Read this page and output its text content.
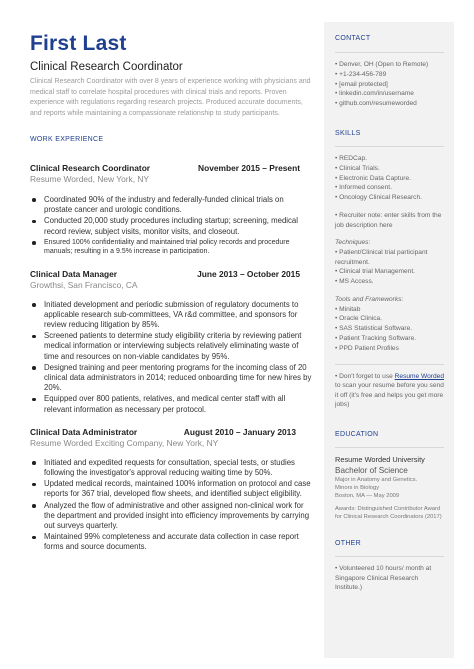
First Last
Clinical Research Coordinator
Clinical Research Coordinator with over 8 years of experience working with physicians and medical staff to correlate hospital procedures with clinical trials and reports. Proven experience with regulations regarding research projects. Produced accurate documents, and reports while maintaining a compassionate relationship to study participants.
WORK EXPERIENCE
Clinical Research Coordinator	November 2015 – Present
Resume Worded, New York, NY
Coordinated 90% of the industry and federally-funded clinical trials on prostate cancer and urologic conditions.
Conducted 20,000 study procedures including startup; screening, medical record review, subject visits, monitor visits, and closeout.
Ensured 100% confidentiality and maintained trial policy records and procedure manuals; resulting in a 9.5% increase in participation.
Clinical Data Manager	June 2013 – October 2015
Growthsi, San Francisco, CA
Initiated development and periodic submission of regulatory documents to applicable research sub-committees, VA r&d committee, and sponsors for review reducing litigation by 85%.
Screened patients to determine study eligibility criteria by reviewing patient medical information or interviewing subjects relatively eliminating waste of time and resources on non-viable candidates by 95%.
Designed training and peer mentoring programs for the incoming class of 20 clinical data administrators in 2014; reduced onboarding time for new hires by 20%.
Equipped over 800 patients, relatives, and medical center staff with all relevant information as necessary per protocol.
Clinical Data Administrator	August 2010 – January 2013
Resume Worded Exciting Company, New York, NY
Initiated and expedited requests for consultation, special tests, or studies following the investigator's approval reducing waiting time by 50%.
Updated medical records, maintained 100% information on protocol and case reports for 367 trial, developed flow sheets, and identified subject eligibility.
Analyzed the flow of administrative and other assigned non-clinical work for the department and provided insight into efficiency improvements by carrying out surveys quarterly.
Maintained 99% completeness and accurate data collection in case report forms and source documents.
CONTACT
• Denver, OH (Open to Remote)
• +1-234-456-789
• [email protected]
• linkedin.com/in/username
• github.com/resumeworded
SKILLS
• REDCap.
• Clinical Trials.
• Electronic Data Capture.
• Informed consent.
• Oncology Clinical Research.
• Recruiter note: enter skills from the job description here
Techniques:
• Patient/Clinical trial participant recruitment.
• Clinical trial Management.
• MS Access.
Tools and Frameworks:
• Minitab
• Oracle Clinica.
• SAS Statistical Software.
• Patient Tracking Software.
• PPD Patient Profiles
• Don't forget to use Resume Worded to scan your resume before you send it off (it's free and helps you get more jobs)
EDUCATION
Resume Worded University
Bachelor of Science
Major in Anatomy and Genetics.
Minors in Biology
Boston, MA — May 2009
Awards: Distinguished Contributor Award for Clinical Research Coordinators (2017)
OTHER
• Volunteered 10 hours/ month at Singapore Clinical Research Institute.)
